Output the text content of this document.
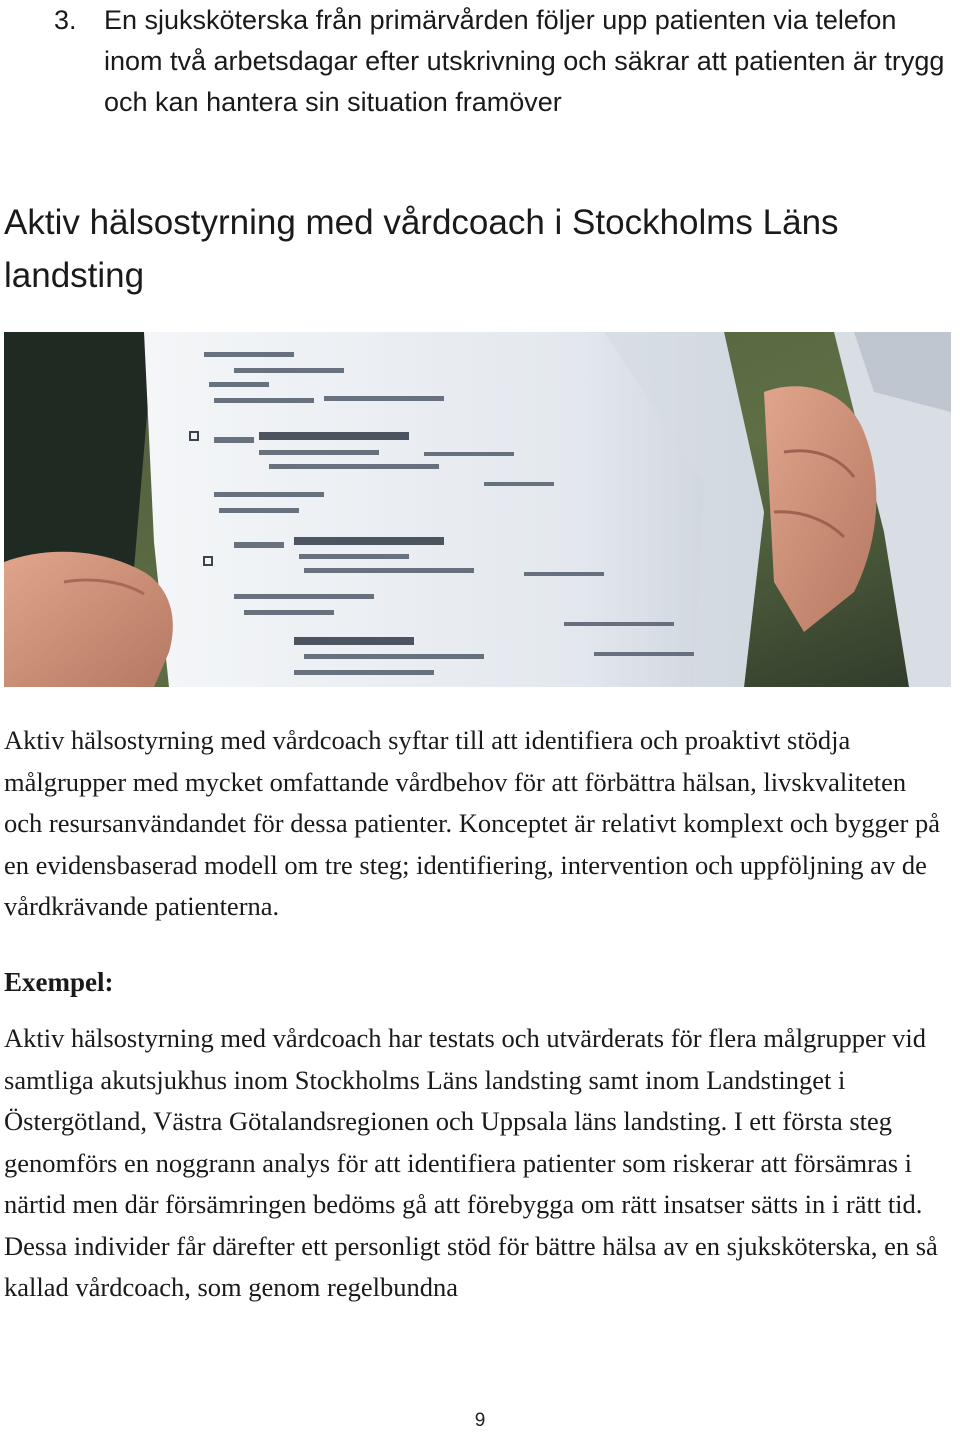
3. En sjuksköterska från primärvården följer upp patienten via telefon inom två arbetsdagar efter utskrivning och säkrar att patienten är trygg och kan hantera sin situation framöver
Aktiv hälsostyrning med vårdcoach i Stockholms Läns landsting

Aktiv hälsostyrning med vårdcoach syftar till att identifiera och proaktivt stödja målgrupper med mycket omfattande vårdbehov för att förbättra hälsan, livskvaliteten och resursanvändandet för dessa patienter. Konceptet är relativt komplext och bygger på en evidensbaserad modell om tre steg; identifiering, intervention och uppföljning av de vårdkrävande patienterna.

Exempel:

Aktiv hälsostyrning med vårdcoach har testats och utvärderats för flera målgrupper vid samtliga akutsjukhus inom Stockholms Läns landsting samt inom Landstinget i Östergötland, Västra Götalandsregionen och Uppsala läns landsting. I ett första steg genomförs en noggrann analys för att identifiera patienter som riskerar att försämras i närtid men där försämringen bedöms gå att förebygga om rätt insatser sätts in i rätt tid. Dessa individer får därefter ett personligt stöd för bättre hälsa av en sjuksköterska, en så kallad vårdcoach, som genom regelbundna

9
